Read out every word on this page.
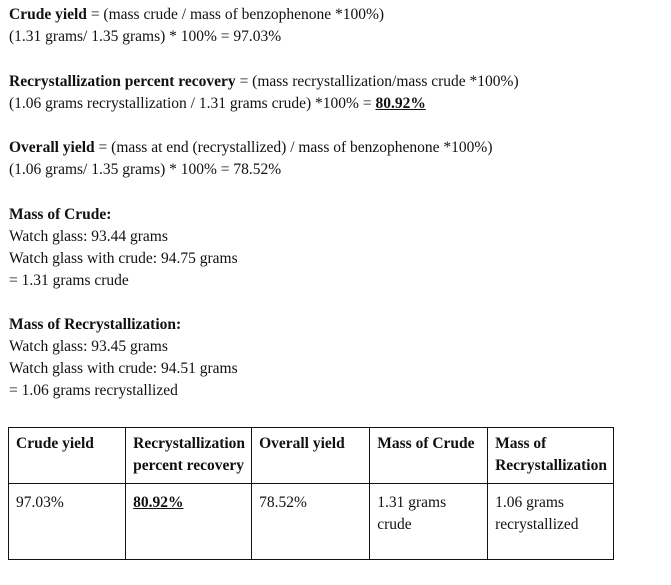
Crude yield = (mass crude / mass of benzophenone *100%)
(1.31 grams/ 1.35 grams) * 100% = 97.03%
Recrystallization percent recovery = (mass recrystallization/mass crude *100%)
(1.06 grams recrystallization / 1.31 grams crude) *100% = 80.92%
Overall yield = (mass at end (recrystallized) / mass of benzophenone *100%)
(1.06 grams/ 1.35 grams) * 100% = 78.52%
Mass of Crude:
Watch glass: 93.44 grams
Watch glass with crude: 94.75 grams
= 1.31 grams crude
Mass of Recrystallization:
Watch glass: 93.45 grams
Watch glass with crude: 94.51 grams
= 1.06 grams recrystallized
Crude yield	Recrystallization percent recovery	Overall yield	Mass of Crude	Mass of Recrystallization
97.03%	80.92%	78.52%	1.31 grams crude	1.06 grams recrystallized
